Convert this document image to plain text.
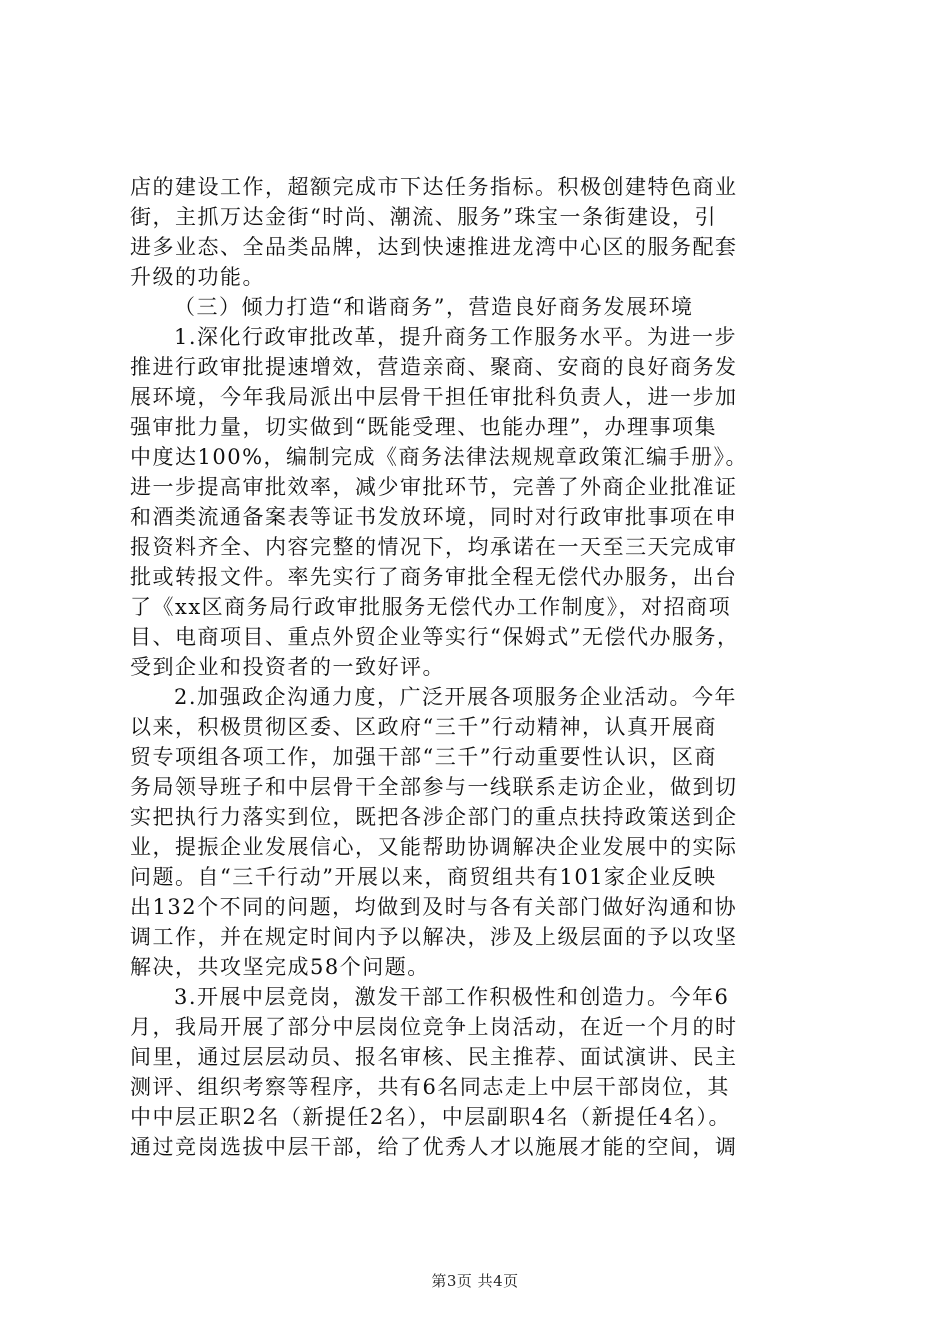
店的建设工作，超额完成市下达任务指标。积极创建特色商业
街，主抓万达金街“时尚、潮流、服务”珠宝一条街建设，引
进多业态、全品类品牌，达到快速推进龙湾中心区的服务配套
升级的功能。
（三）倾力打造“和谐商务”，营造良好商务发展环境
1.深化行政审批改革，提升商务工作服务水平。为进一步
推进行政审批提速增效，营造亲商、聚商、安商的良好商务发
展环境，今年我局派出中层骨干担任审批科负责人，进一步加
强审批力量，切实做到“既能受理、也能办理”，办理事项集
中度达100%，编制完成《商务法律法规规章政策汇编手册》。
进一步提高审批效率，减少审批环节，完善了外商企业批准证
和酒类流通备案表等证书发放环境，同时对行政审批事项在申
报资料齐全、内容完整的情况下，均承诺在一天至三天完成审
批或转报文件。率先实行了商务审批全程无偿代办服务，出台
了《xx区商务局行政审批服务无偿代办工作制度》，对招商项
目、电商项目、重点外贸企业等实行“保姆式”无偿代办服务，
受到企业和投资者的一致好评。
2.加强政企沟通力度，广泛开展各项服务企业活动。今年
以来，积极贯彻区委、区政府“三千”行动精神，认真开展商
贸专项组各项工作，加强干部“三千”行动重要性认识，区商
务局领导班子和中层骨干全部参与一线联系走访企业，做到切
实把执行力落实到位，既把各涉企部门的重点扶持政策送到企
业，提振企业发展信心，又能帮助协调解决企业发展中的实际
问题。自“三千行动”开展以来，商贸组共有101家企业反映
出132个不同的问题，均做到及时与各有关部门做好沟通和协
调工作，并在规定时间内予以解决，涉及上级层面的予以攻坚
解决，共攻坚完成58个问题。
3.开展中层竞岗，激发干部工作积极性和创造力。今年6
月，我局开展了部分中层岗位竞争上岗活动，在近一个月的时
间里，通过层层动员、报名审核、民主推荐、面试演讲、民主
测评、组织考察等程序，共有6名同志走上中层干部岗位，其
中中层正职2名（新提任2名），中层副职4名（新提任4名）。
通过竞岗选拔中层干部，给了优秀人才以施展才能的空间，调
第3页 共4页
